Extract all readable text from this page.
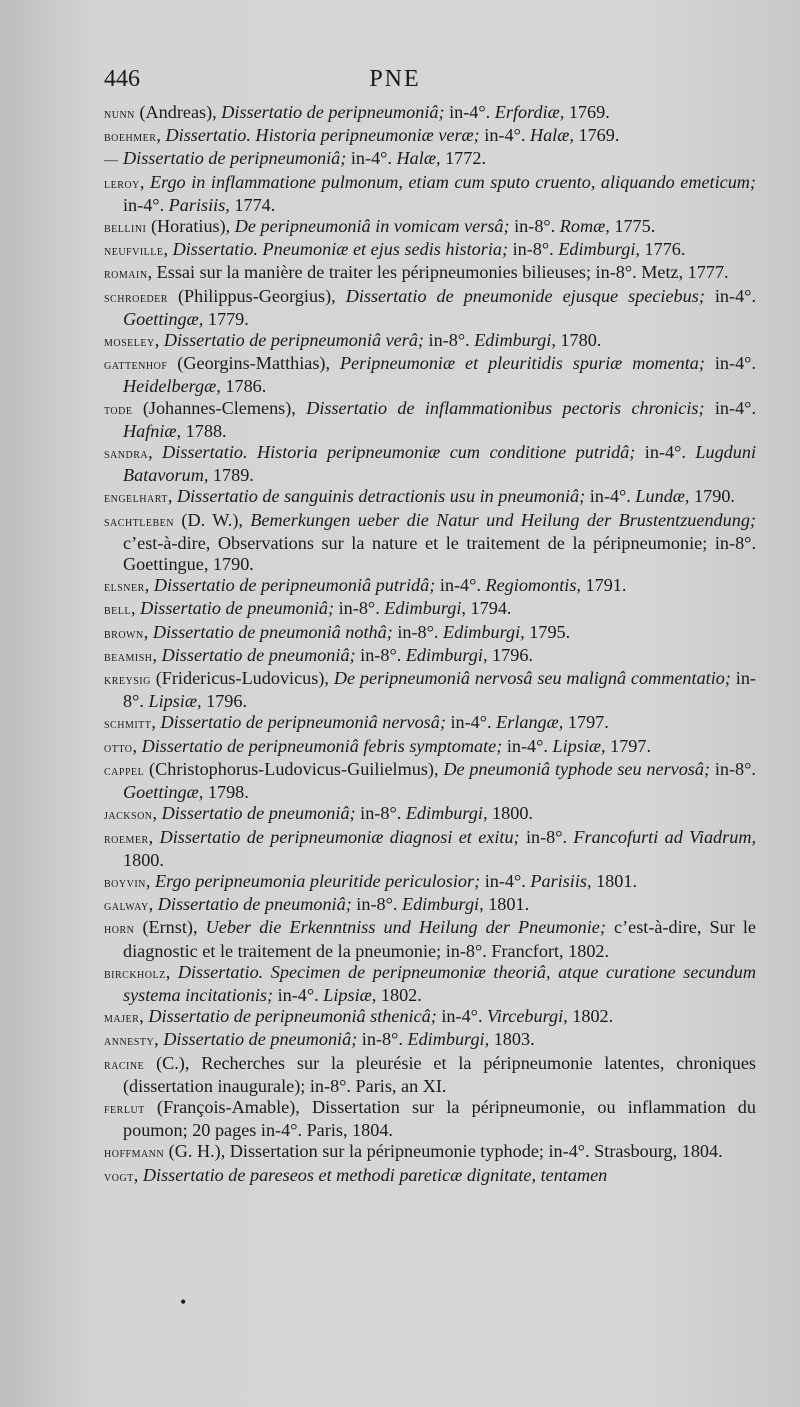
446	PNE
nunn (Andreas), Dissertatio de peripneumoniâ; in-4°. Erfordiæ, 1769.
boehmer, Dissertatio. Historia peripneumoniæ veræ; in-4°. Halæ, 1769.
— Dissertatio de peripneumoniâ; in-4°. Halæ, 1772.
leroy, Ergo in inflammatione pulmonum, etiam cum sputo cruento, aliquando emeticum; in-4°. Parisiis, 1774.
bellini (Horatius), De peripneumoniâ in vomicam versâ; in-8°. Romæ, 1775.
neufville, Dissertatio. Pneumoniæ et ejus sedis historia; in-8°. Edimburgi, 1776.
romain, Essai sur la manière de traiter les péripneumonies bilieuses; in-8°. Metz, 1777.
schroeder (Philippus-Georgius), Dissertatio de pneumonide ejusque speciebus; in-4°. Goettingæ, 1779.
moseley, Dissertatio de peripneumoniâ verâ; in-8°. Edimburgi, 1780.
gattenhof (Georgins-Matthias), Peripneumoniæ et pleuritidis spuriæ momenta; in-4°. Heidelbergæ, 1786.
tode (Johannes-Clemens), Dissertatio de inflammationibus pectoris chronicis; in-4°. Hafniæ, 1788.
sandra, Dissertatio. Historia peripneumoniæ cum conditione putridâ; in-4°. Lugduni Batavorum, 1789.
engelhart, Dissertatio de sanguinis detractionis usu in pneumoniâ; in-4°. Lundæ, 1790.
sachtleben (D. W.), Bemerkungen ueber die Natur und Heilung der Brustentzuendung; c’est-à-dire, Observations sur la nature et le traitement de la péripneumonie; in-8°. Goettingue, 1790.
elsner, Dissertatio de peripneumoniâ putridâ; in-4°. Regiomontis, 1791.
bell, Dissertatio de pneumoniâ; in-8°. Edimburgi, 1794.
brown, Dissertatio de pneumoniâ nothâ; in-8°. Edimburgi, 1795.
beamish, Dissertatio de pneumoniâ; in-8°. Edimburgi, 1796.
kreysig (Fridericus-Ludovicus), De peripneumoniâ nervosâ seu malignâ commentatio; in-8°. Lipsiæ, 1796.
schmitt, Dissertatio de peripneumoniâ nervosâ; in-4°. Erlangæ, 1797.
otto, Dissertatio de peripneumoniâ febris symptomate; in-4°. Lipsiæ, 1797.
cappel (Christophorus-Ludovicus-Guilielmus), De pneumoniâ typhode seu nervosâ; in-8°. Goettingæ, 1798.
jackson, Dissertatio de pneumoniâ; in-8°. Edimburgi, 1800.
roemer, Dissertatio de peripneumoniæ diagnosi et exitu; in-8°. Francofurti ad Viadrum, 1800.
boyvin, Ergo peripneumonia pleuritide periculosior; in-4°. Parisiis, 1801.
galway, Dissertatio de pneumoniâ; in-8°. Edimburgi, 1801.
horn (Ernst), Ueber die Erkenntniss und Heilung der Pneumonie; c’est-à-dire, Sur le diagnostic et le traitement de la pneumonie; in-8°. Francfort, 1802.
birckholz, Dissertatio. Specimen de peripneumoniæ theoriâ, atque curatione secundum systema incitationis; in-4°. Lipsiæ, 1802.
majer, Dissertatio de peripneumoniâ sthenicâ; in-4°. Virceburgi, 1802.
annesty, Dissertatio de pneumoniâ; in-8°. Edimburgi, 1803.
racine (C.), Recherches sur la pleurésie et la péripneumonie latentes, chroniques (dissertation inaugurale); in-8°. Paris, an XI.
ferlut (François-Amable), Dissertation sur la péripneumonie, ou inflammation du poumon; 20 pages in-4°. Paris, 1804.
hoffmann (G. H.), Dissertation sur la péripneumonie typhode; in-4°. Strasbourg, 1804.
vogt, Dissertatio de pareseos et methodi pareticæ dignitate, tentamen
•
